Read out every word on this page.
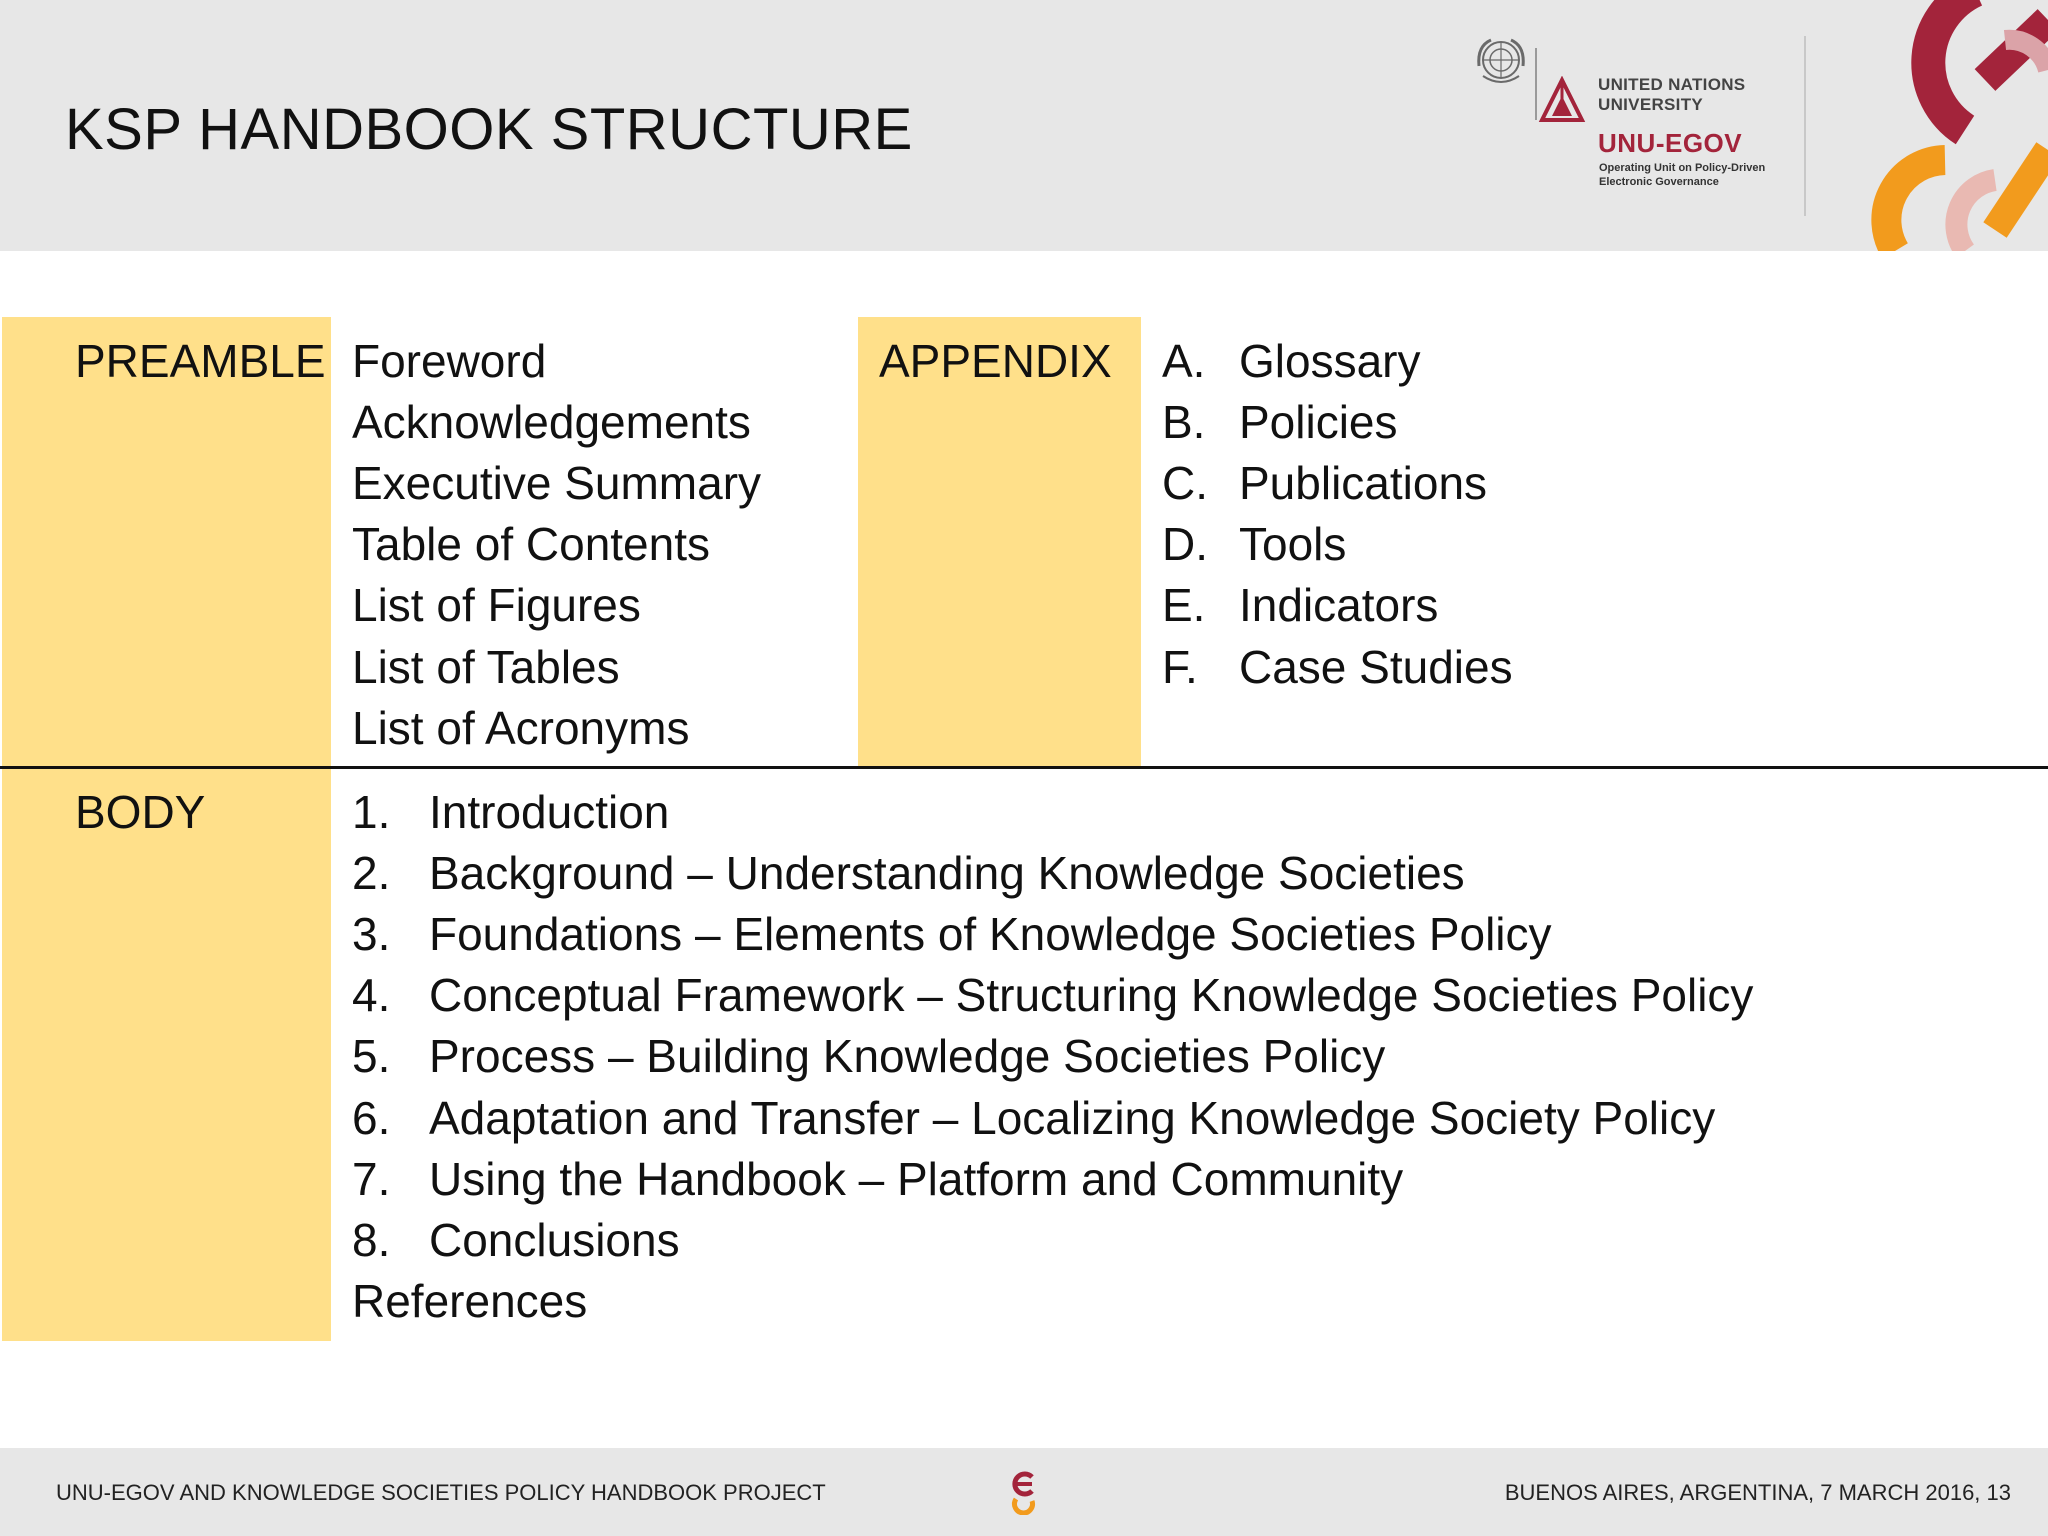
KSP HANDBOOK STRUCTURE
UNITED NATIONS
UNIVERSITY
UNU-EGOV
Operating Unit on Policy-Driven
Electronic Governance
PREAMBLE Foreword
Acknowledgements
Executive Summary
Table of Contents
List of Figures
List of Tables
List of Acronyms
APPENDIX A. Glossary
B. Policies
C. Publications
D. Tools
E. Indicators
F. Case Studies
BODY	1. Introduction
2. Background – Understanding Knowledge Societies
3. Foundations – Elements of Knowledge Societies Policy
4. Conceptual Framework – Structuring Knowledge Societies Policy
5. Process – Building Knowledge Societies Policy
6. Adaptation and Transfer – Localizing Knowledge Society Policy
7. Using the Handbook – Platform and Community
8. Conclusions
References
UNU-EGOV AND KNOWLEDGE SOCIETIES POLICY HANDBOOK PROJECT	BUENOS AIRES, ARGENTINA, 7 MARCH 2016, 13
